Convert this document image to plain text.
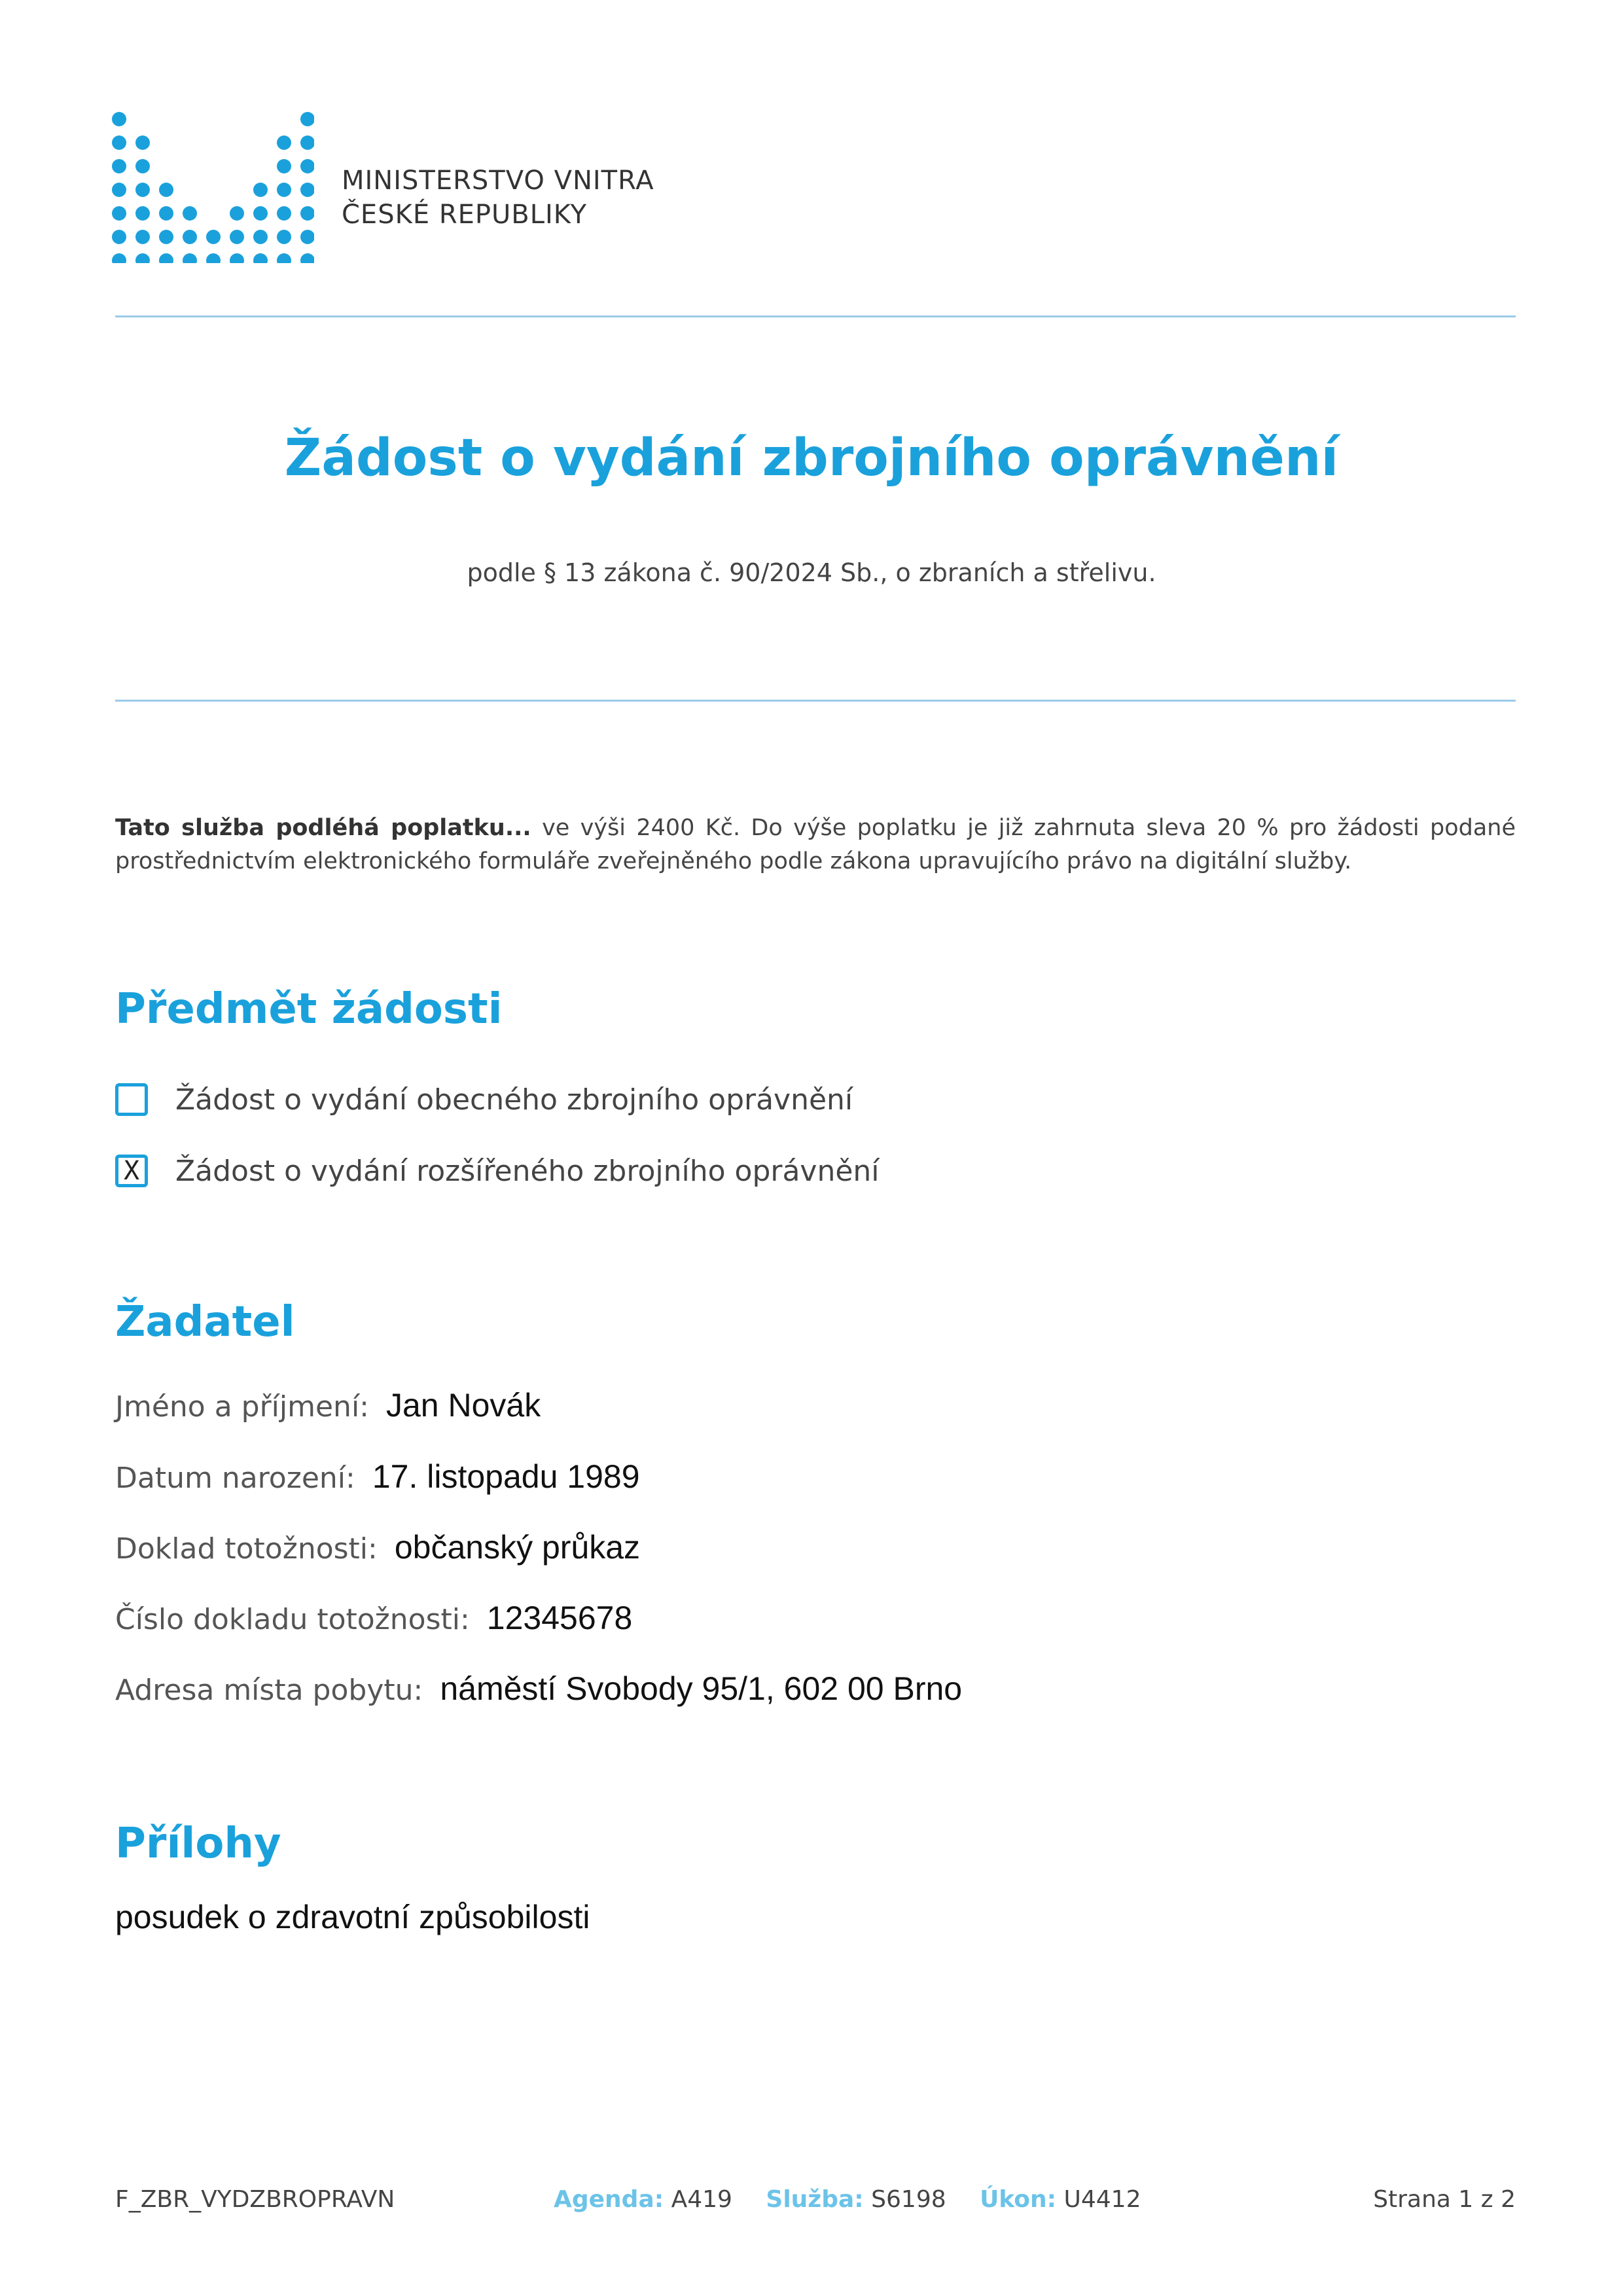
MINISTERSTVO VNITRA
ČESKÉ REPUBLIKY
Žádost o vydání zbrojního oprávnění
podle § 13 zákona č. 90/2024 Sb., o zbraních a střelivu.
Tato služba podléhá poplatku... ve výši 2400 Kč. Do výše poplatku je již zahrnuta sleva 20 % pro žádosti podané prostřednictvím elektronického formuláře zveřejněného podle zákona upravujícího právo na digitální služby.
Předmět žádosti
Žádost o vydání obecného zbrojního oprávnění
X Žádost o vydání rozšířeného zbrojního oprávnění
Žadatel
Jméno a příjmení: Jan Novák
Datum narození: 17. listopadu 1989
Doklad totožnosti: občanský průkaz
Číslo dokladu totožnosti: 12345678
Adresa místa pobytu: náměstí Svobody 95/1, 602 00 Brno
Přílohy
posudek o zdravotní způsobilosti
F_ZBR_VYDZBROPRAVN	Agenda: A419 Služba: S6198 Úkon: U4412	Strana 1 z 2
